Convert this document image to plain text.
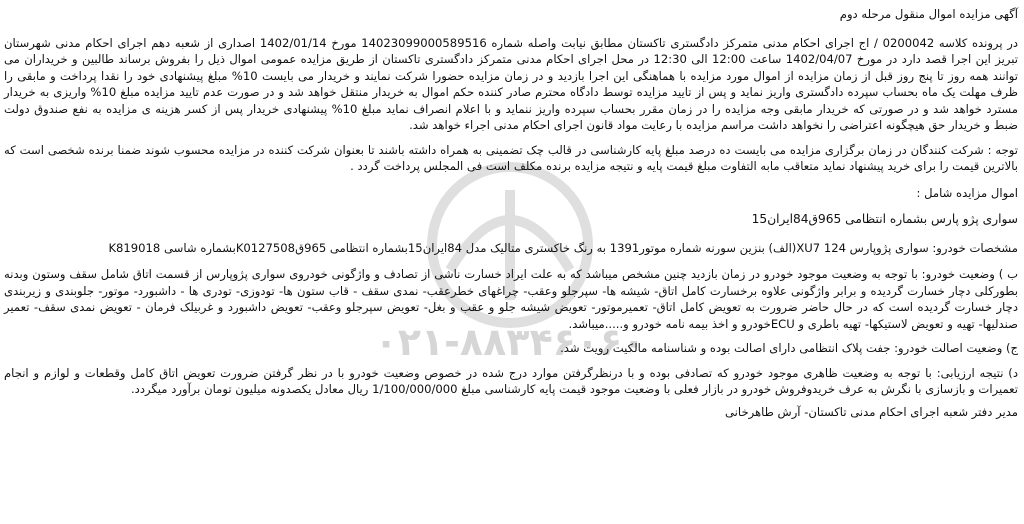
۰۲۱-۸۸۳۴۶۰۶۰

آگهی مزایده اموال منقول مرحله دوم

در پرونده کلاسه 0200042 / اج اجرای احکام مدنی متمرکز دادگستری تاکستان مطابق نیابت واصله شماره 14023099000589516 مورخ 1402/01/14 اصداری از شعبه دهم اجرای احکام مدنی شهرستان تبریز این اجرا قصد دارد در مورخ 1402/04/07 ساعت 12:00 الی 12:30 در محل اجرای احکام مدنی متمرکز دادگستری تاکستان از طریق مزایده عمومی اموال ذیل را بفروش برساند طالبین و خریداران می توانند همه روز تا پنج روز قبل از زمان مزایده از اموال مورد مزایده با هماهنگی این اجرا بازدید و در زمان مزایده حضورا شرکت نمایند و خریدار می بایست 10% مبلغ پیشنهادی خود را نقدا پرداخت و مابقی را ظرف مهلت یک ماه بحساب سپرده دادگستری واریز نماید و پس از تایید مزایده توسط دادگاه محترم صادر کننده حکم اموال به خریدار منتقل خواهد شد و در صورت عدم تایید مزایده مبلغ 10% واریزی به خریدار مسترد خواهد شد و در صورتی که خریدار مابقی وجه مزایده را در زمان مقرر بحساب سپرده واریز ننماید و با اعلام انصراف نماید مبلغ 10% پیشنهادی خریدار پس از کسر هزینه ی مزایده به نفع صندوق دولت ضبط و خریدار حق هیچگونه اعتراضی را نخواهد داشت مراسم مزایده با رعایت مواد قانون اجرای احکام مدنی اجراء خواهد شد.

توجه : شرکت کنندگان در زمان برگزاری مزایده می بایست ده درصد مبلغ پایه کارشناسی در قالب چک تضمینی به همراه داشته باشند تا بعنوان شرکت کننده در مزایده محسوب شوند ضمنا برنده شخصی است که بالاترین قیمت را برای خرید پیشنهاد نماید متعاقب مابه التفاوت مبلغ قیمت پایه و نتیجه مزایده برنده مکلف است فی المجلس پرداخت گردد .

اموال مزایده شامل :

سواری پژو پارس بشماره انتظامی 965ق84ایران15

مشخصات خودرو: سواری پژوپارس XU7 124(الف) بنزین سورنه شماره موتور1391 به رنگ خاکستری متالیک مدل 84ایران15بشماره انتظامی 965قK0127508بشماره شاسی K819018

ب ) وضعیت خودرو: با توجه به وضعیت موجود خودرو در زمان بازدید چنین مشخص میباشد که به علت ایراد خسارت ناشی از تصادف و واژگونی خودروی سواری پژوپارس از قسمت اتاق شامل سقف وستون وبدنه بطورکلی دچار خسارت گردیده و برابر واژگونی علاوه برخسارت کامل اتاق- شیشه ها- سپرجلو وعقب- چراغهای خطرعقب- نمدی سقف - قاب ستون ها- تودوزی- تودری ها - داشبورد- موتور- جلوبندی و زیربندی دچار خسارت گردیده است که در حال حاضر ضرورت به تعویض کامل اتاق- تعمیرموتور- تعویض شیشه جلو و عقب و بغل- تعویض سپرجلو وعقب- تعویض داشبورد و غربیلک فرمان - تعویض نمدی سقف- تعمیر صندلیها- تهیه و تعویض لاستیکها- تهیه باطری و ECUخودرو و اخذ بیمه نامه خودرو و.....میباشد.

ج) وضعیت اصالت خودرو: جفت پلاک انتظامی دارای اصالت بوده و شناسنامه مالکیت رویت شد.

د) نتیجه ارزیابی: با توجه به وضعیت ظاهری موجود خودرو که تصادفی بوده و با درنظرگرفتن موارد درج شده در خصوص وضعیت خودرو با در نظر گرفتن ضرورت تعویض اتاق کامل وقطعات و لوازم و انجام تعمیرات و بازسازی با نگرش به عرف خریدوفروش خودرو در بازار فعلی با وضعیت موجود قیمت پایه کارشناسی مبلغ 1/100/000/000 ریال معادل یکصدونه میلیون تومان برآورد میگردد.

مدیر دفتر شعبه اجرای احکام مدنی تاکستان- آرش طاهرخانی
